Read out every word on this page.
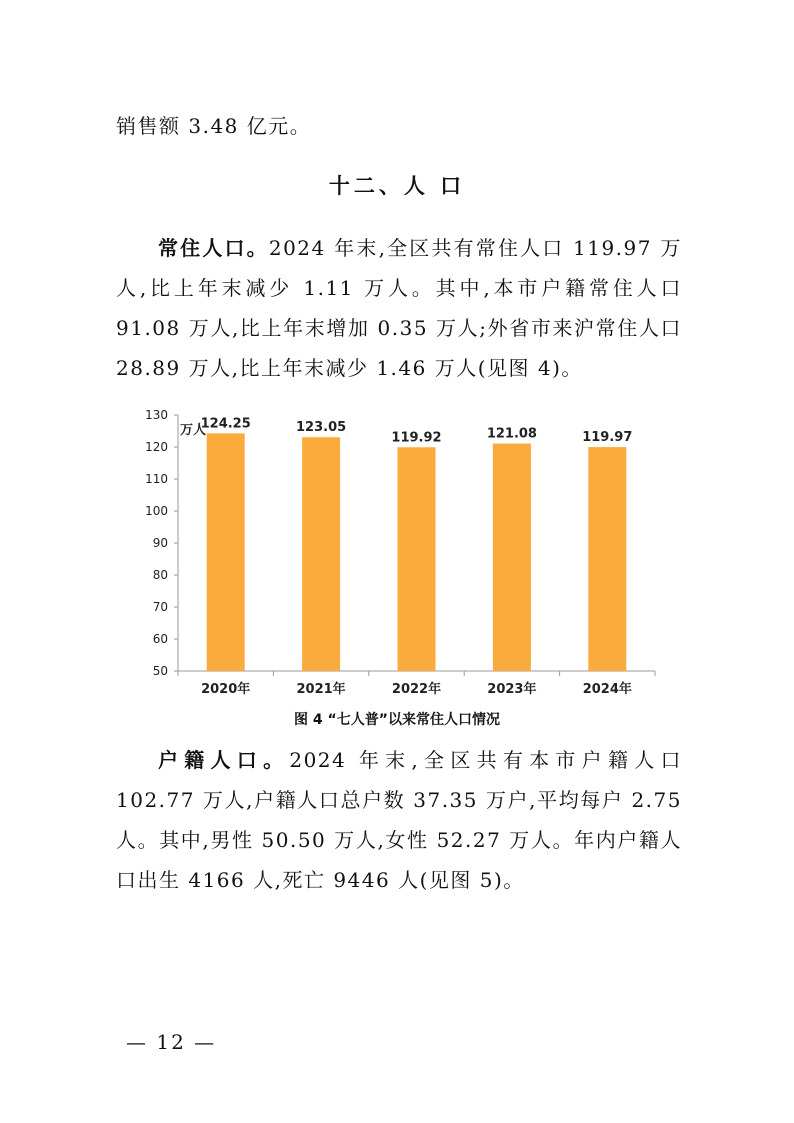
销售额 3.48 亿元。

十二、人 口

常住人口。2024 年末,全区共有常住人口 119.97 万人,比上年末减少 1.11 万人。其中,本市户籍常住人口 91.08 万人,比上年末增加 0.35 万人;外省市来沪常住人口 28.89 万人,比上年末减少 1.46 万人(见图 4)。

50
60
70
80
90
100
110
120
130
万人
124.25
2020年
123.05
2021年
119.92
2022年
121.08
2023年
119.97
2024年
图 4 “七人普”以来常住人口情况

户籍人口。2024 年末,全区共有本市户籍人口 102.77 万人,户籍人口总户数 37.35 万户,平均每户 2.75 人。其中,男性 50.50 万人,女性 52.27 万人。年内户籍人口出生 4166 人,死亡 9446 人(见图 5)。

— 12 —
